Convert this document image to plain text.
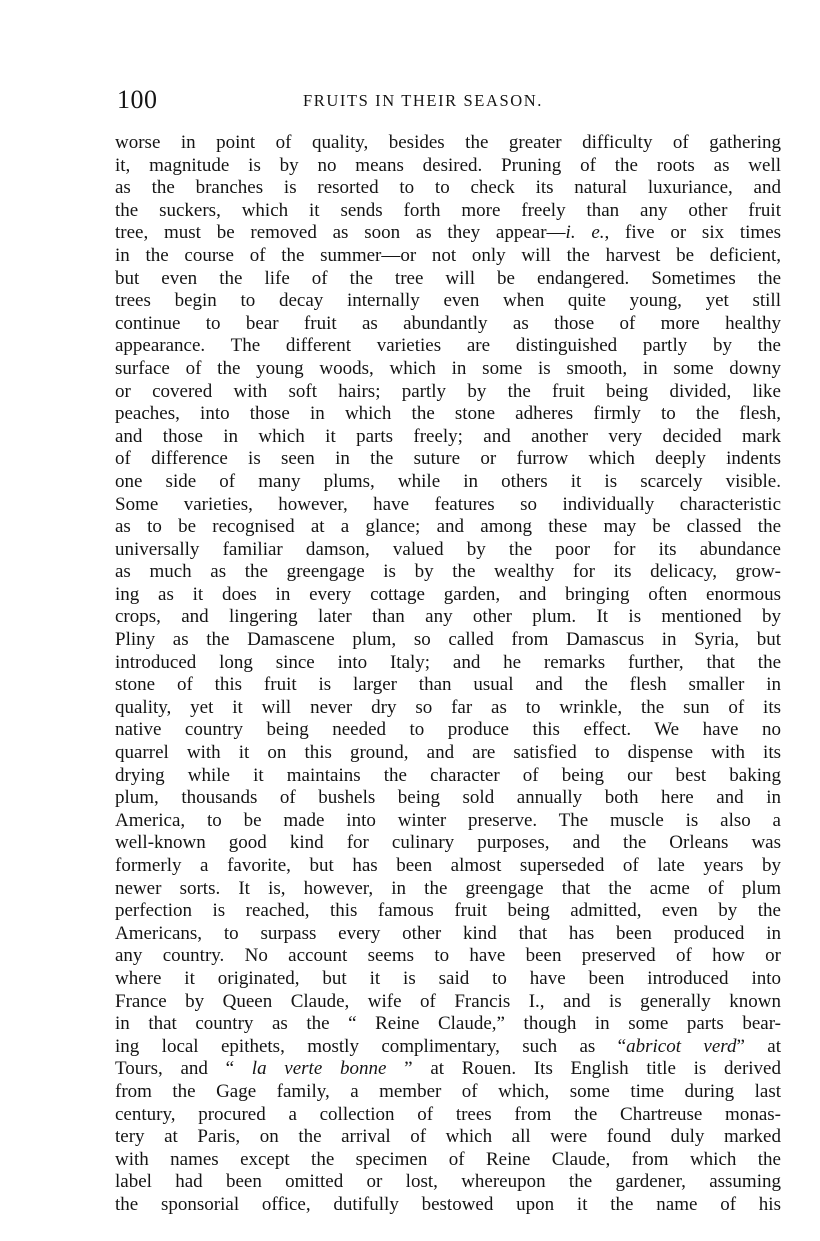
100	FRUITS IN THEIR SEASON.
worse in point of quality, besides the greater difficulty of gathering
it, magnitude is by no means desired. Pruning of the roots as well
as the branches is resorted to to check its natural luxuriance, and
the suckers, which it sends forth more freely than any other fruit
tree, must be removed as soon as they appear—i. e., five or six times
in the course of the summer—or not only will the harvest be deficient,
but even the life of the tree will be endangered. Sometimes the
trees begin to decay internally even when quite young, yet still
continue to bear fruit as abundantly as those of more healthy
appearance. The different varieties are distinguished partly by the
surface of the young woods, which in some is smooth, in some downy
or covered with soft hairs; partly by the fruit being divided, like
peaches, into those in which the stone adheres firmly to the flesh,
and those in which it parts freely; and another very decided mark
of difference is seen in the suture or furrow which deeply indents
one side of many plums, while in others it is scarcely visible.
Some varieties, however, have features so individually characteristic
as to be recognised at a glance; and among these may be classed the
universally familiar damson, valued by the poor for its abundance
as much as the greengage is by the wealthy for its delicacy, grow-
ing as it does in every cottage garden, and bringing often enormous
crops, and lingering later than any other plum. It is mentioned by
Pliny as the Damascene plum, so called from Damascus in Syria, but
introduced long since into Italy; and he remarks further, that the
stone of this fruit is larger than usual and the flesh smaller in
quality, yet it will never dry so far as to wrinkle, the sun of its
native country being needed to produce this effect. We have no
quarrel with it on this ground, and are satisfied to dispense with its
drying while it maintains the character of being our best baking
plum, thousands of bushels being sold annually both here and in
America, to be made into winter preserve. The muscle is also a
well-known good kind for culinary purposes, and the Orleans was
formerly a favorite, but has been almost superseded of late years by
newer sorts. It is, however, in the greengage that the acme of plum
perfection is reached, this famous fruit being admitted, even by the
Americans, to surpass every other kind that has been produced in
any country. No account seems to have been preserved of how or
where it originated, but it is said to have been introduced into
France by Queen Claude, wife of Francis I., and is generally known
in that country as the “ Reine Claude,” though in some parts bear-
ing local epithets, mostly complimentary, such as “abricot verd” at
Tours, and “ la verte bonne ” at Rouen. Its English title is derived
from the Gage family, a member of which, some time during last
century, procured a collection of trees from the Chartreuse monas-
tery at Paris, on the arrival of which all were found duly marked
with names except the specimen of Reine Claude, from which the
label had been omitted or lost, whereupon the gardener, assuming
the sponsorial office, dutifully bestowed upon it the name of his
